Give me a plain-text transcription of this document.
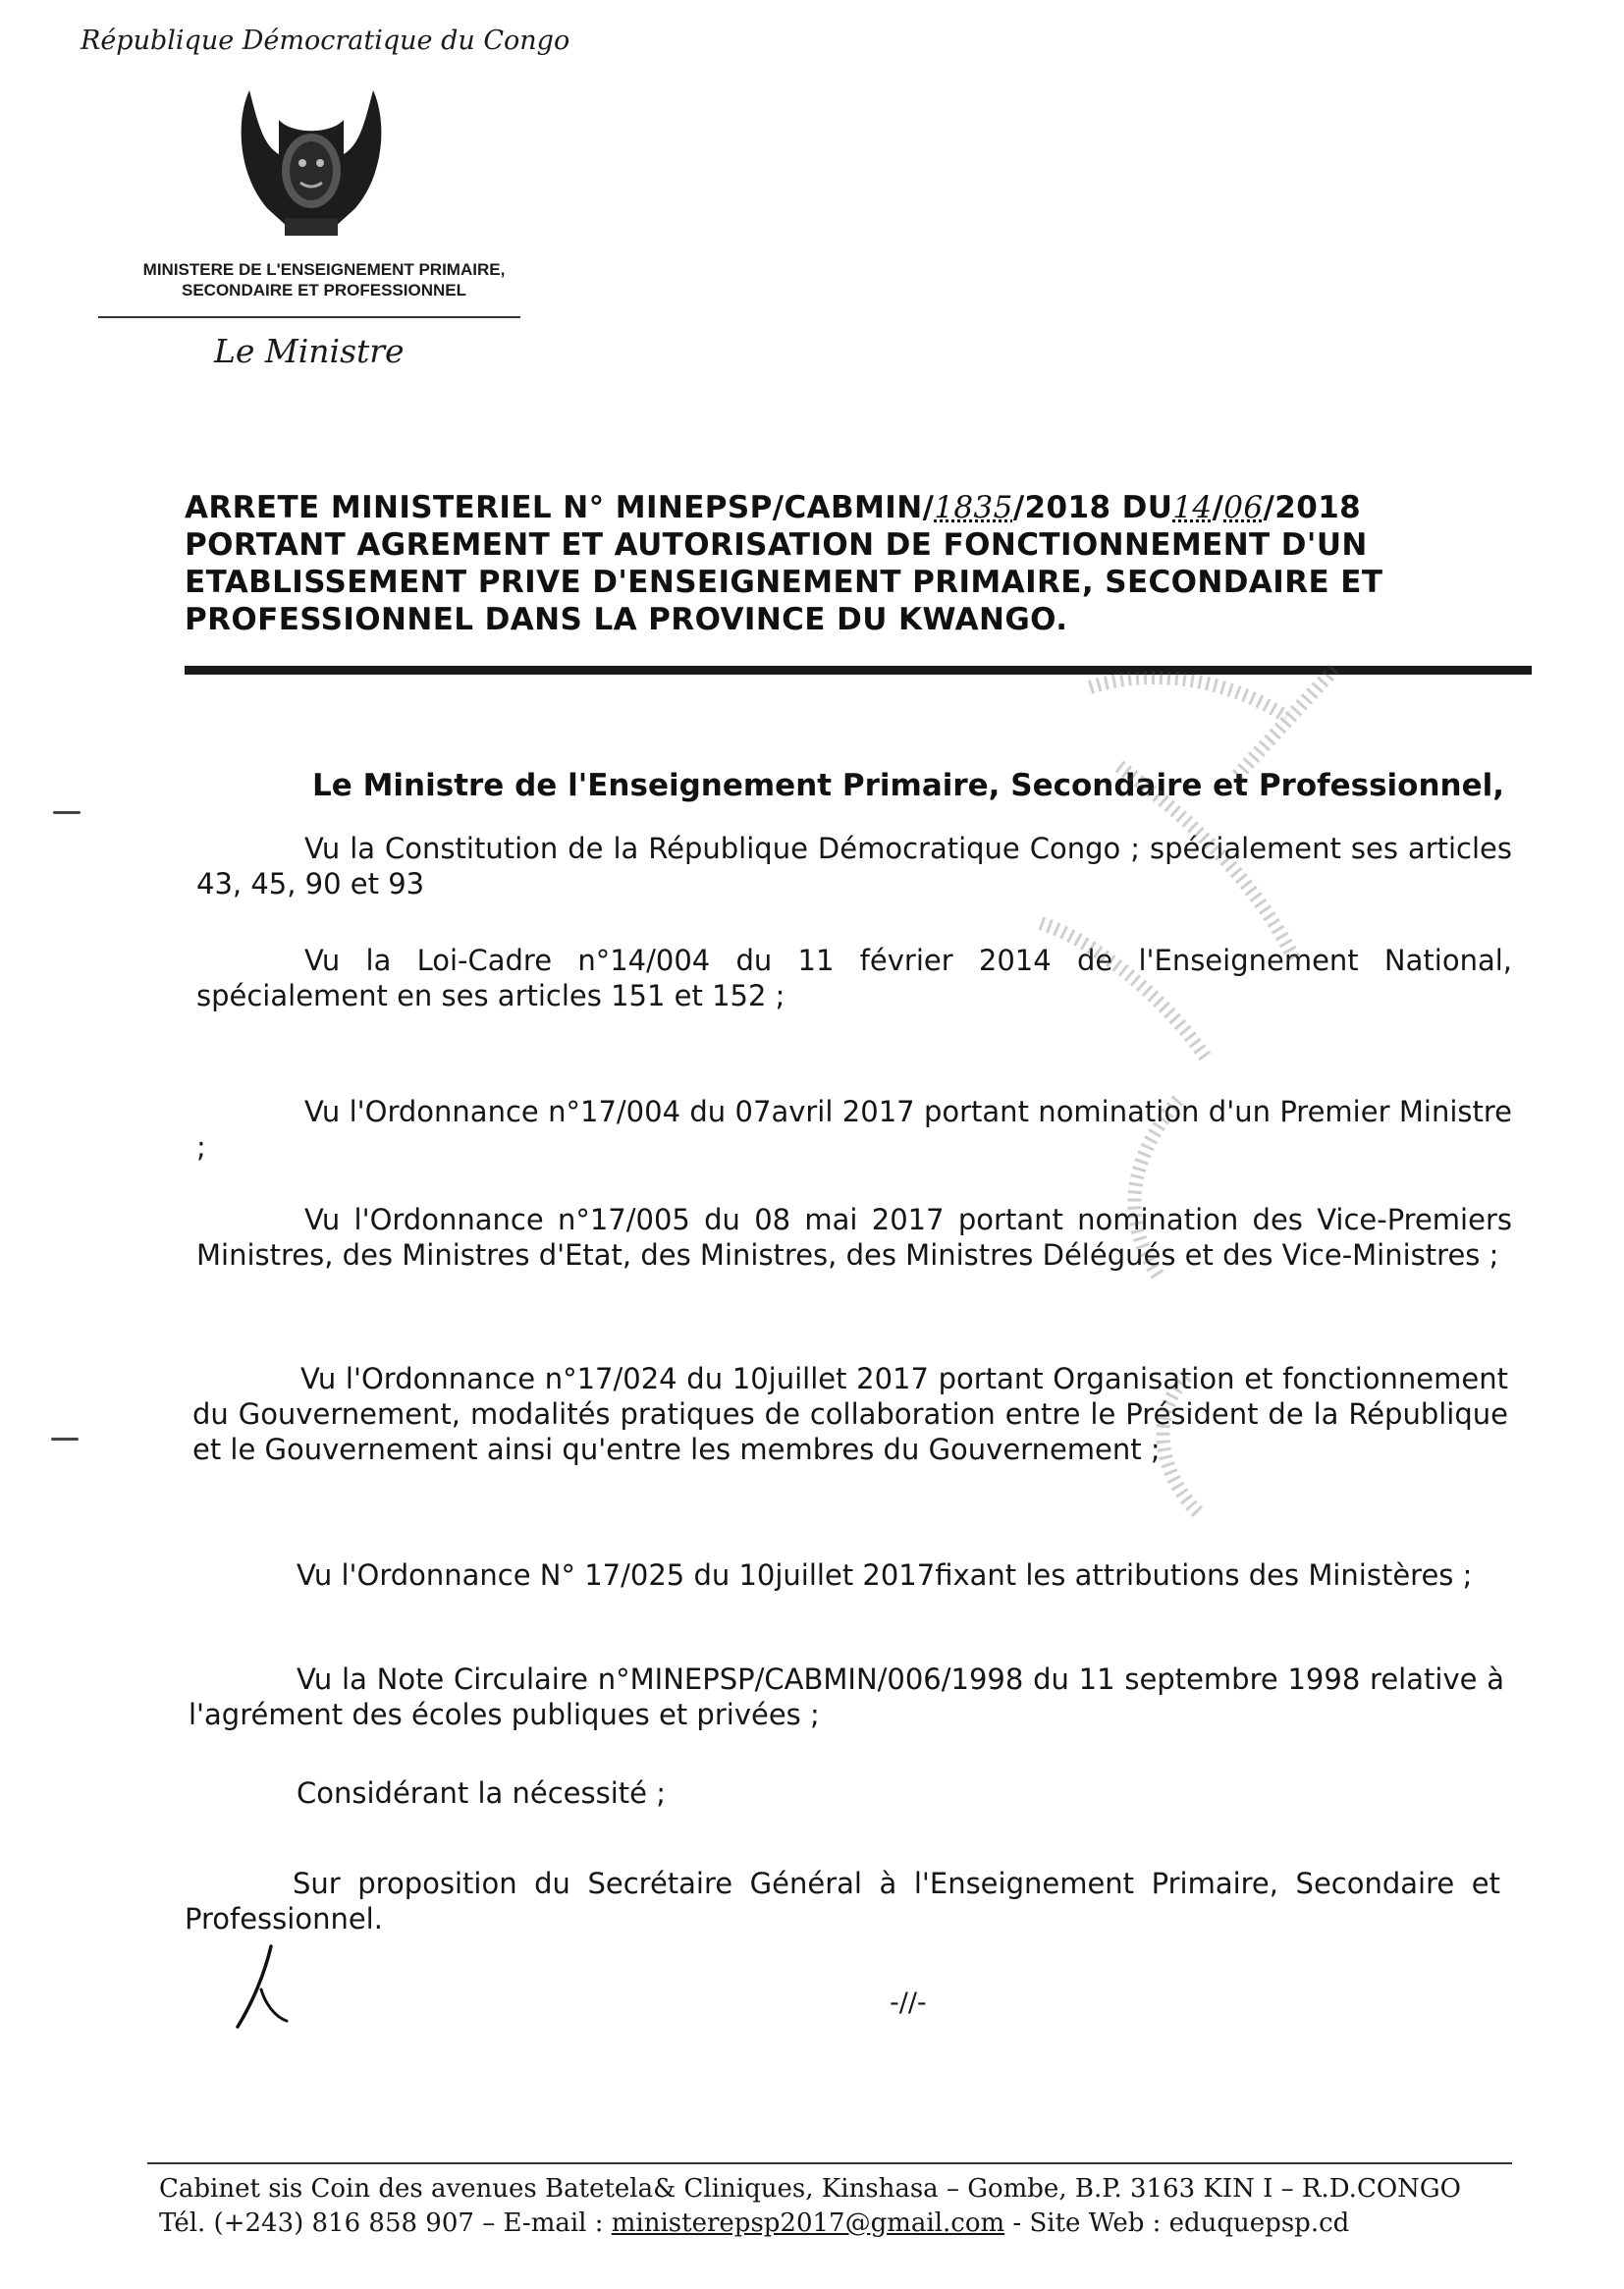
République Démocratique du Congo
MINISTERE DE L'ENSEIGNEMENT PRIMAIRE,
SECONDAIRE ET PROFESSIONNEL
Le Ministre
ARRETE MINISTERIEL N° MINEPSP/CABMIN/1835/2018 DU14/06/2018
PORTANT AGREMENT ET AUTORISATION DE FONCTIONNEMENT D'UN
ETABLISSEMENT PRIVE D'ENSEIGNEMENT PRIMAIRE, SECONDAIRE ET
PROFESSIONNEL DANS LA PROVINCE DU KWANGO.
Le Ministre de l'Enseignement Primaire, Secondaire et Professionnel,
Vu la Constitution de la République Démocratique Congo ; spécialement ses articles 43, 45, 90 et 93
Vu la Loi-Cadre n°14/004 du 11 février 2014 de l'Enseignement National, spécialement en ses articles 151 et 152 ;
Vu l'Ordonnance n°17/004 du 07avril 2017 portant nomination d'un Premier Ministre ;
Vu l'Ordonnance n°17/005 du 08 mai 2017 portant nomination des Vice-Premiers Ministres, des Ministres d'Etat, des Ministres, des Ministres Délégués et des Vice-Ministres ;
Vu l'Ordonnance n°17/024 du 10juillet 2017 portant Organisation et fonctionnement du Gouvernement, modalités pratiques de collaboration entre le Président de la République et le Gouvernement ainsi qu'entre les membres du Gouvernement ;
Vu l'Ordonnance N° 17/025 du 10juillet 2017fixant les attributions des Ministères ;
Vu la Note Circulaire n°MINEPSP/CABMIN/006/1998 du 11 septembre 1998 relative à l'agrément des écoles publiques et privées ;
Considérant la nécessité ;
Sur proposition du Secrétaire Général à l'Enseignement Primaire, Secondaire et Professionnel.
-//-
Cabinet sis Coin des avenues Batetela& Cliniques, Kinshasa – Gombe, B.P. 3163 KIN I – R.D.CONGO
Tél. (+243) 816 858 907 – E-mail : ministerepsp2017@gmail.com - Site Web : eduquepsp.cd
